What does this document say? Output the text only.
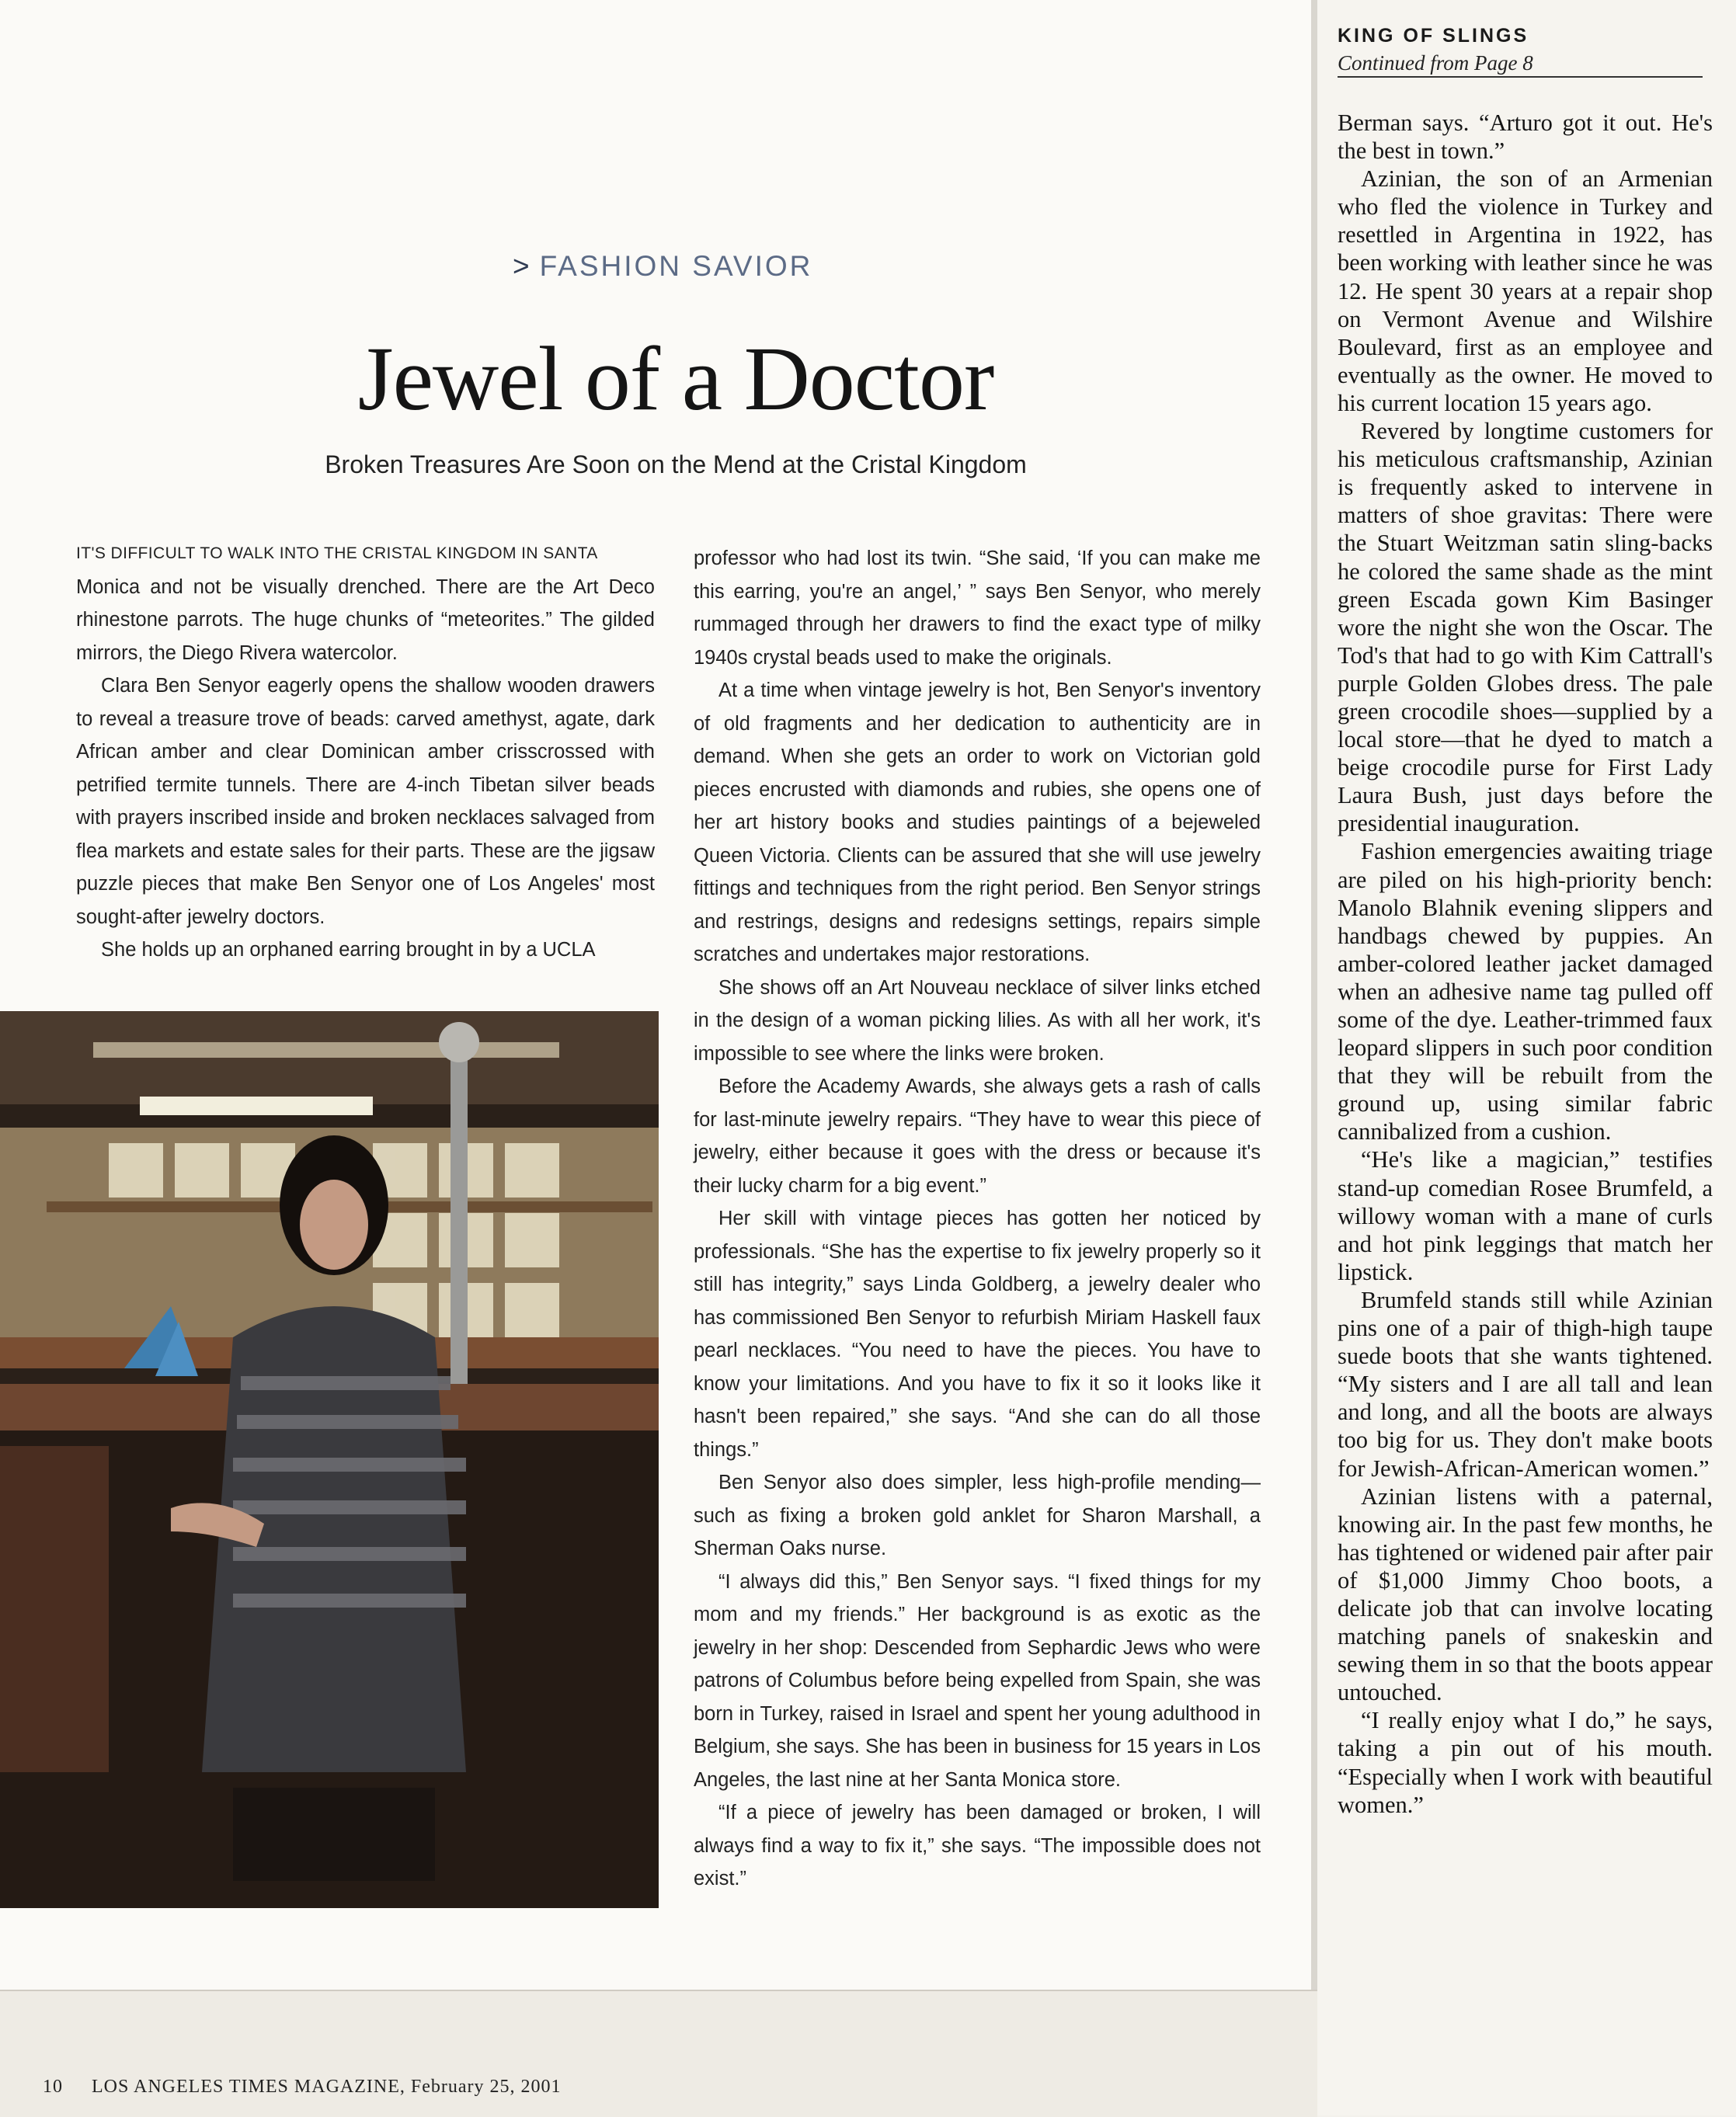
> FASHION SAVIOR
Jewel of a Doctor
Broken Treasures Are Soon on the Mend at the Cristal Kingdom

IT'S DIFFICULT TO WALK INTO THE CRISTAL KINGDOM IN SANTA
Monica and not be visually drenched. There are the Art Deco rhinestone parrots. The huge chunks of “meteorites.” The gilded mirrors, the Diego Rivera watercolor.

Clara Ben Senyor eagerly opens the shallow wooden drawers to reveal a treasure trove of beads: carved amethyst, agate, dark African amber and clear Dominican amber crisscrossed with petrified termite tunnels. There are 4-inch Tibetan silver beads with prayers inscribed inside and broken necklaces salvaged from flea markets and estate sales for their parts. These are the jigsaw puzzle pieces that make Ben Senyor one of Los Angeles' most sought-after jewelry doctors.

She holds up an orphaned earring brought in by a UCLA

professor who had lost its twin. “She said, ‘If you can make me this earring, you're an angel,’ ” says Ben Senyor, who merely rummaged through her drawers to find the exact type of milky 1940s crystal beads used to make the originals.

At a time when vintage jewelry is hot, Ben Senyor's inventory of old fragments and her dedication to authenticity are in demand. When she gets an order to work on Victorian gold pieces encrusted with diamonds and rubies, she opens one of her art history books and studies paintings of a bejeweled Queen Victoria. Clients can be assured that she will use jewelry fittings and techniques from the right period. Ben Senyor strings and restrings, designs and redesigns settings, repairs simple scratches and undertakes major restorations.

She shows off an Art Nouveau necklace of silver links etched in the design of a woman picking lilies. As with all her work, it's impossible to see where the links were broken.

Before the Academy Awards, she always gets a rash of calls for last-minute jewelry repairs. “They have to wear this piece of jewelry, either because it goes with the dress or because it's their lucky charm for a big event.”

Her skill with vintage pieces has gotten her noticed by professionals. “She has the expertise to fix jewelry properly so it still has integrity,” says Linda Goldberg, a jewelry dealer who has commissioned Ben Senyor to refurbish Miriam Haskell faux pearl necklaces. “You need to have the pieces. You have to know your limitations. And you have to fix it so it looks like it hasn't been repaired,” she says. “And she can do all those things.”

Ben Senyor also does simpler, less high-profile mending—such as fixing a broken gold anklet for Sharon Marshall, a Sherman Oaks nurse.

“I always did this,” Ben Senyor says. “I fixed things for my mom and my friends.” Her background is as exotic as the jewelry in her shop: Descended from Sephardic Jews who were patrons of Columbus before being expelled from Spain, she was born in Turkey, raised in Israel and spent her young adulthood in Belgium, she says. She has been in business for 15 years in Los Angeles, the last nine at her Santa Monica store.

“If a piece of jewelry has been damaged or broken, I will always find a way to fix it,” she says. “The impossible does not exist.”

KING OF SLINGS
Continued from Page 8

Berman says. “Arturo got it out. He's the best in town.”

Azinian, the son of an Armenian who fled the violence in Turkey and resettled in Argentina in 1922, has been working with leather since he was 12. He spent 30 years at a repair shop on Vermont Avenue and Wilshire Boulevard, first as an employee and eventually as the owner. He moved to his current location 15 years ago.

Revered by longtime customers for his meticulous craftsmanship, Azinian is frequently asked to intervene in matters of shoe gravitas: There were the Stuart Weitzman satin sling-backs he colored the same shade as the mint green Escada gown Kim Basinger wore the night she won the Oscar. The Tod's that had to go with Kim Cattrall's purple Golden Globes dress. The pale green crocodile shoes—supplied by a local store—that he dyed to match a beige crocodile purse for First Lady Laura Bush, just days before the presidential inauguration.

Fashion emergencies awaiting triage are piled on his high-priority bench: Manolo Blahnik evening slippers and handbags chewed by puppies. An amber-colored leather jacket damaged when an adhesive name tag pulled off some of the dye. Leather-trimmed faux leopard slippers in such poor condition that they will be rebuilt from the ground up, using similar fabric cannibalized from a cushion.

“He's like a magician,” testifies stand-up comedian Rosee Brumfeld, a willowy woman with a mane of curls and hot pink leggings that match her lipstick.

Brumfeld stands still while Azinian pins one of a pair of thigh-high taupe suede boots that she wants tightened. “My sisters and I are all tall and lean and long, and all the boots are always too big for us. They don't make boots for Jewish-African-American women.”

Azinian listens with a paternal, knowing air. In the past few months, he has tightened or widened pair after pair of $1,000 Jimmy Choo boots, a delicate job that can involve locating matching panels of snakeskin and sewing them in so that the boots appear untouched.

“I really enjoy what I do,” he says, taking a pin out of his mouth. “Especially when I work with beautiful women.”

10 LOS ANGELES TIMES MAGAZINE, February 25, 2001
